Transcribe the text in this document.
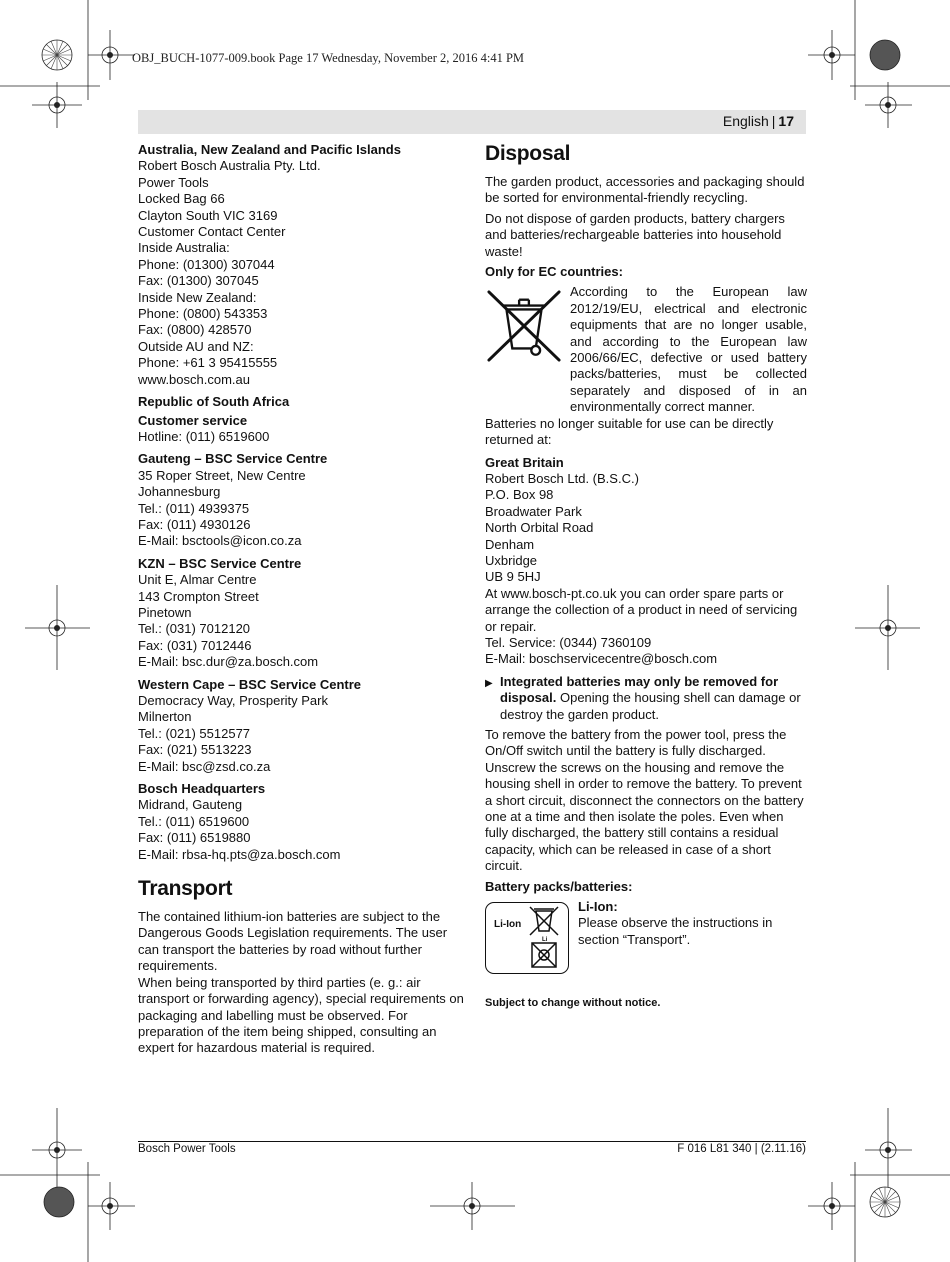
OBJ_BUCH-1077-009.book Page 17 Wednesday, November 2, 2016 4:41 PM
English | 17
Australia, New Zealand and Pacific Islands
Robert Bosch Australia Pty. Ltd.
Power Tools
Locked Bag 66
Clayton South VIC 3169
Customer Contact Center
Inside Australia:
Phone: (01300) 307044
Fax: (01300) 307045
Inside New Zealand:
Phone: (0800) 543353
Fax: (0800) 428570
Outside AU and NZ:
Phone: +61 3 95415555
www.bosch.com.au
Republic of South Africa
Customer service
Hotline: (011) 6519600
Gauteng – BSC Service Centre
35 Roper Street, New Centre
Johannesburg
Tel.: (011) 4939375
Fax: (011) 4930126
E-Mail: bsctools@icon.co.za
KZN – BSC Service Centre
Unit E, Almar Centre
143 Crompton Street
Pinetown
Tel.: (031) 7012120
Fax: (031) 7012446
E-Mail: bsc.dur@za.bosch.com
Western Cape – BSC Service Centre
Democracy Way, Prosperity Park
Milnerton
Tel.: (021) 5512577
Fax: (021) 5513223
E-Mail: bsc@zsd.co.za
Bosch Headquarters
Midrand, Gauteng
Tel.: (011) 6519600
Fax: (011) 6519880
E-Mail: rbsa-hq.pts@za.bosch.com
Transport
The contained lithium-ion batteries are subject to the Dangerous Goods Legislation requirements. The user can transport the batteries by road without further requirements.
When being transported by third parties (e. g.: air transport or forwarding agency), special requirements on packaging and labelling must be observed. For preparation of the item being shipped, consulting an expert for hazardous material is required.
Disposal
The garden product, accessories and packaging should be sorted for environmental-friendly recycling.
Do not dispose of garden products, battery chargers and batteries/rechargeable batteries into household waste!
Only for EC countries:
According to the European law 2012/19/EU, electrical and electronic equipments that are no longer usable, and according to the European law 2006/66/EC, defective or used battery packs/batteries, must be collected separately and disposed of in an environmentally correct manner.
Batteries no longer suitable for use can be directly returned at:
Great Britain
Robert Bosch Ltd. (B.S.C.)
P.O. Box 98
Broadwater Park
North Orbital Road
Denham
Uxbridge
UB 9 5HJ
At www.bosch-pt.co.uk you can order spare parts or arrange the collection of a product in need of servicing or repair.
Tel. Service: (0344) 7360109
E-Mail: boschservicecentre@bosch.com
▶ Integrated batteries may only be removed for disposal. Opening the housing shell can damage or destroy the garden product.
To remove the battery from the power tool, press the On/Off switch until the battery is fully discharged. Unscrew the screws on the housing and remove the housing shell in order to remove the battery. To prevent a short circuit, disconnect the connectors on the battery one at a time and then isolate the poles. Even when fully discharged, the battery still contains a residual capacity, which can be released in case of a short circuit.
Battery packs/batteries:
Li-Ion
Li
Li-Ion:
Please observe the instructions in section “Transport”.
Subject to change without notice.
Bosch Power Tools	F 016 L81 340 | (2.11.16)
